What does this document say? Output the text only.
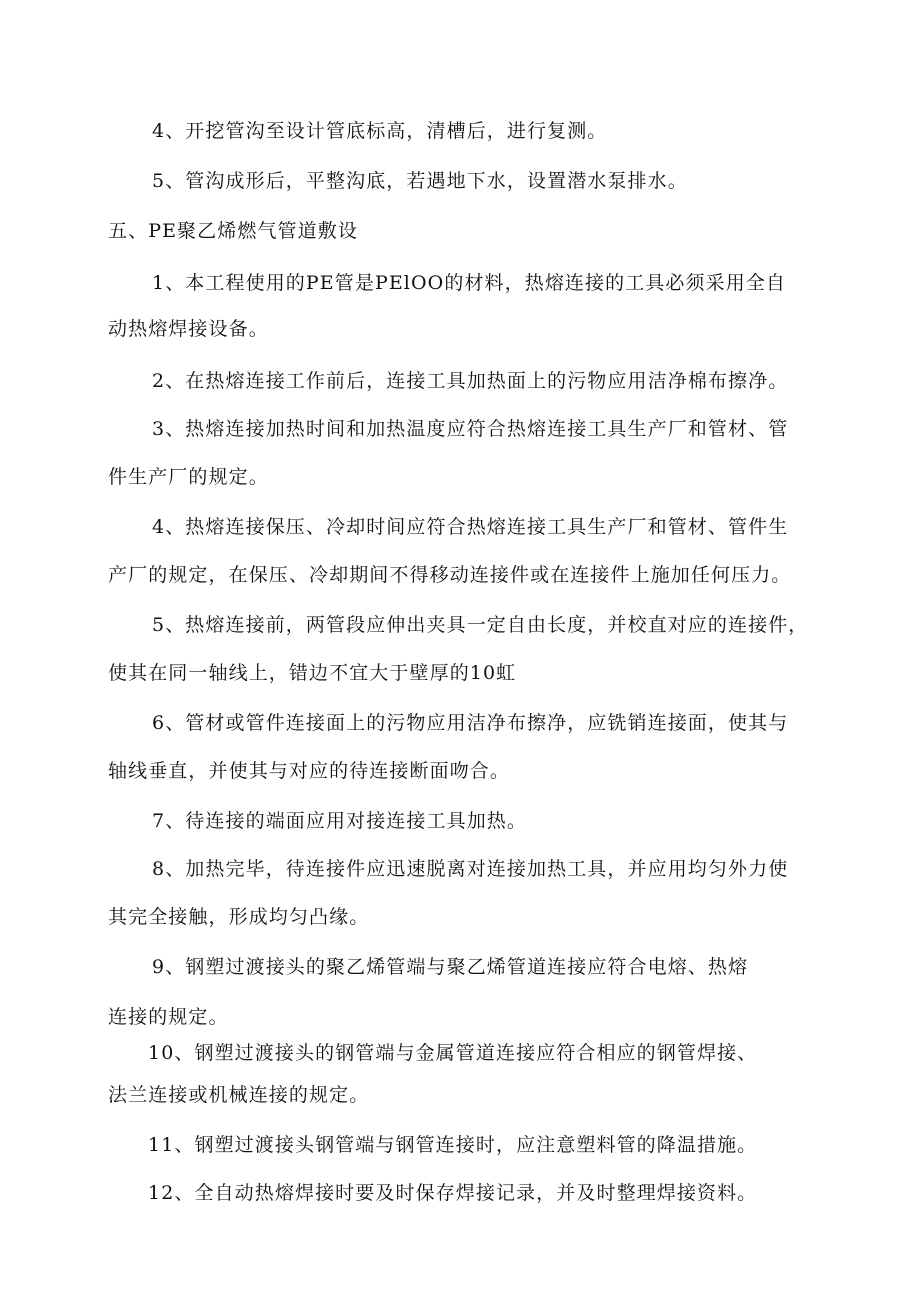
4、开挖管沟至设计管底标高，清槽后，进行复测。
5、管沟成形后，平整沟底，若遇地下水，设置潜水泵排水。
五、PE聚乙烯燃气管道敷设
1、本工程使用的PE管是PElOO的材料，热熔连接的工具必须采用全自
动热熔焊接设备。
2、在热熔连接工作前后，连接工具加热面上的污物应用洁净棉布擦净。
3、热熔连接加热时间和加热温度应符合热熔连接工具生产厂和管材、管
件生产厂的规定。
4、热熔连接保压、冷却时间应符合热熔连接工具生产厂和管材、管件生
产厂的规定，在保压、冷却期间不得移动连接件或在连接件上施加任何压力。
5、热熔连接前，两管段应伸出夹具一定自由长度，并校直对应的连接件，
使其在同一轴线上，错边不宜大于壁厚的10虹
6、管材或管件连接面上的污物应用洁净布擦净，应铣销连接面，使其与
轴线垂直，并使其与对应的待连接断面吻合。
7、待连接的端面应用对接连接工具加热。
8、加热完毕，待连接件应迅速脱离对连接加热工具，并应用均匀外力使
其完全接触，形成均匀凸缘。
9、钢塑过渡接头的聚乙烯管端与聚乙烯管道连接应符合电熔、热熔
连接的规定。
10、钢塑过渡接头的钢管端与金属管道连接应符合相应的钢管焊接、
法兰连接或机械连接的规定。
11、钢塑过渡接头钢管端与钢管连接时，应注意塑料管的降温措施。
12、全自动热熔焊接时要及时保存焊接记录，并及时整理焊接资料。
